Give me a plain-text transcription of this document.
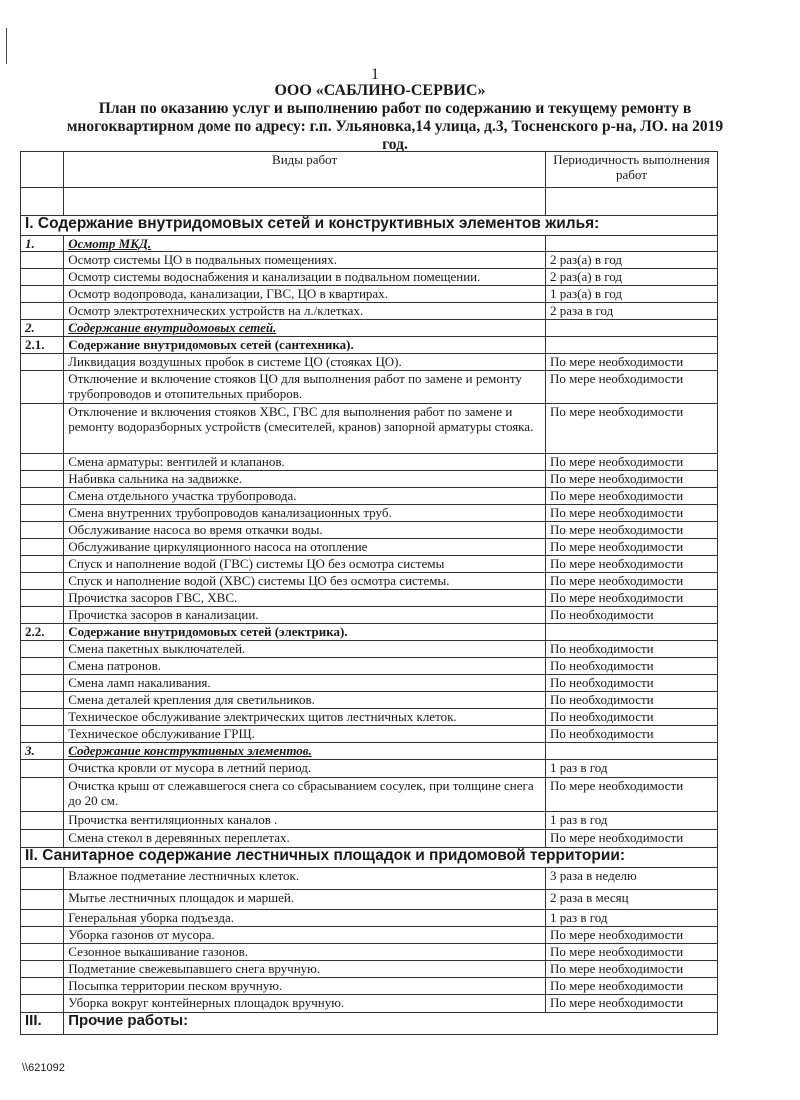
1
ООО «САБЛИНО-СЕРВИС»
План по оказанию услуг и выполнению работ по содержанию и текущему ремонту в многоквартирном доме по адресу: г.п. Ульяновка,14 улица, д.3, Тосненского р-на, ЛО. на 2019 год.
	Виды работ	Периодичность выполнения работ

I. Содержание внутридомовых сетей и конструктивных элементов жилья:		
1.	Осмотр МКД.	
	Осмотр системы ЦО в подвальных помещениях.	2 раз(а) в год
	Осмотр системы водоснабжения и канализации в подвальном помещении.	2 раз(а) в год
	Осмотр водопровода, канализации, ГВС, ЦО в квартирах.	1 раз(а) в год
	Осмотр электротехнических устройств на л./клетках.	2 раза в год
2.	Содержание внутридомовых сетей.	
2.1.	Содержание внутридомовых сетей (сантехника).	
	Ликвидация воздушных пробок в системе ЦО (стояках ЦО).	По мере необходимости
	Отключение и включение стояков ЦО для выполнения работ по замене и ремонту трубопроводов и отопительных приборов.	По мере необходимости
	Отключение и включения стояков ХВС, ГВС для выполнения работ по замене и ремонту водоразборных устройств (смесителей, кранов) запорной арматуры стояка.	По мере необходимости
	Смена арматуры: вентилей и клапанов.	По мере необходимости
	Набивка сальника на задвижке.	По мере необходимости
	Смена отдельного участка трубопровода.	По мере необходимости
	Смена внутренних трубопроводов канализационных труб.	По мере необходимости
	Обслуживание насоса во время откачки воды.	По мере необходимости
	Обслуживание циркуляционного насоса на отопление	По мере необходимости
	Спуск и наполнение водой (ГВС) системы ЦО без осмотра системы	По мере необходимости
	Спуск и наполнение водой (ХВС) системы ЦО без осмотра системы.	По мере необходимости
	Прочистка засоров ГВС, ХВС.	По мере необходимости
	Прочистка засоров в канализации.	По необходимости
2.2.	Содержание внутридомовых сетей (электрика).	
	Смена пакетных выключателей.	По необходимости
	Смена патронов.	По необходимости
	Смена ламп накаливания.	По необходимости
	Смена деталей крепления для светильников.	По необходимости
	Техническое обслуживание электрических щитов лестничных клеток.	По необходимости
	Техническое обслуживание ГРЩ.	По необходимости
3.	Содержание конструктивных элементов.	
	Очистка кровли от мусора в летний период.	1 раз в год
	Очистка крыш от слежавшегося снега со сбрасыванием сосулек, при толщине снега до 20 см.	По мере необходимости
	Прочистка вентиляционных каналов .	1 раз в год
	Смена стекол в деревянных переплетах.	По мере необходимости
II. Санитарное содержание лестничных площадок и придомовой территории:		
	Влажное подметание лестничных клеток.	3 раза в неделю
	Мытье лестничных площадок и маршей.	2 раза в месяц
	Генеральная уборка подъезда.	1 раз в год
	Уборка газонов от мусора.	По мере необходимости
	Сезонное выкашивание газонов.	По мере необходимости
	Подметание свежевыпавшего снега вручную.	По мере необходимости
	Посыпка территории песком вручную.	По мере необходимости
	Уборка вокруг контейнерных площадок вручную.	По мере необходимости
III.	Прочие работы:	
\\621092
